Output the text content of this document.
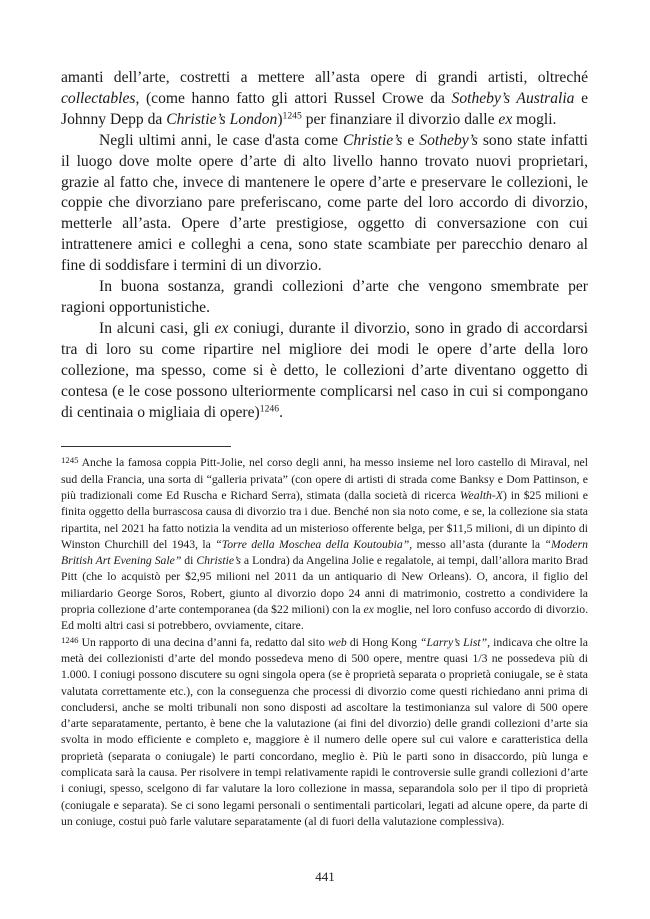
amanti dell’arte, costretti a mettere all’asta opere di grandi artisti, oltreché collectables, (come hanno fatto gli attori Russel Crowe da Sotheby’s Australia e Johnny Depp da Christie’s London)$^{1245}$ per finanziare il divorzio dalle ex mogli.

Negli ultimi anni, le case d'asta come Christie’s e Sotheby’s sono state infatti il luogo dove molte opere d’arte di alto livello hanno trovato nuovi proprietari, grazie al fatto che, invece di mantenere le opere d’arte e preservare le collezioni, le coppie che divorziano pare preferiscano, come parte del loro accordo di divorzio, metterle all’asta. Opere d’arte prestigiose, oggetto di conversazione con cui intrattenere amici e colleghi a cena, sono state scambiate per parecchio denaro al fine di soddisfare i termini di un divorzio.

In buona sostanza, grandi collezioni d’arte che vengono smembrate per ragioni opportunistiche.

In alcuni casi, gli ex coniugi, durante il divorzio, sono in grado di accordarsi tra di loro su come ripartire nel migliore dei modi le opere d’arte della loro collezione, ma spesso, come si è detto, le collezioni d’arte diventano oggetto di contesa (e le cose possono ulteriormente complicarsi nel caso in cui si compongano di centinaia o migliaia di opere)$^{1246}$.

$^{1245}$ Anche la famosa coppia Pitt-Jolie, nel corso degli anni, ha messo insieme nel loro castello di Miraval, nel sud della Francia, una sorta di “galleria privata” (con opere di artisti di strada come Banksy e Dom Pattinson, e più tradizionali come Ed Ruscha e Richard Serra), stimata (dalla società di ricerca Wealth-X) in $25 milioni e finita oggetto della burrascosa causa di divorzio tra i due. Benché non sia noto come, e se, la collezione sia stata ripartita, nel 2021 ha fatto notizia la vendita ad un misterioso offerente belga, per $11,5 milioni, di un dipinto di Winston Churchill del 1943, la “Torre della Moschea della Koutoubia”, messo all’asta (durante la “Modern British Art Evening Sale” di Christie’s a Londra) da Angelina Jolie e regalatole, ai tempi, dall’allora marito Brad Pitt (che lo acquistò per $2,95 milioni nel 2011 da un antiquario di New Orleans). O, ancora, il figlio del miliardario George Soros, Robert, giunto al divorzio dopo 24 anni di matrimonio, costretto a condividere la propria collezione d’arte contemporanea (da $22 milioni) con la ex moglie, nel loro confuso accordo di divorzio. Ed molti altri casi si potrebbero, ovviamente, citare.

$^{1246}$ Un rapporto di una decina d’anni fa, redatto dal sito web di Hong Kong “Larry’s List”, indicava che oltre la metà dei collezionisti d’arte del mondo possedeva meno di 500 opere, mentre quasi 1/3 ne possedeva più di 1.000. I coniugi possono discutere su ogni singola opera (se è proprietà separata o proprietà coniugale, se è stata valutata correttamente etc.), con la conseguenza che processi di divorzio come questi richiedano anni prima di concludersi, anche se molti tribunali non sono disposti ad ascoltare la testimonianza sul valore di 500 opere d’arte separatamente, pertanto, è bene che la valutazione (ai fini del divorzio) delle grandi collezioni d’arte sia svolta in modo efficiente e completo e, maggiore è il numero delle opere sul cui valore e caratteristica della proprietà (separata o coniugale) le parti concordano, meglio è. Più le parti sono in disaccordo, più lunga e complicata sarà la causa. Per risolvere in tempi relativamente rapidi le controversie sulle grandi collezioni d’arte i coniugi, spesso, scelgono di far valutare la loro collezione in massa, separandola solo per il tipo di proprietà (coniugale e separata). Se ci sono legami personali o sentimentali particolari, legati ad alcune opere, da parte di un coniuge, costui può farle valutare separatamente (al di fuori della valutazione complessiva).

441
